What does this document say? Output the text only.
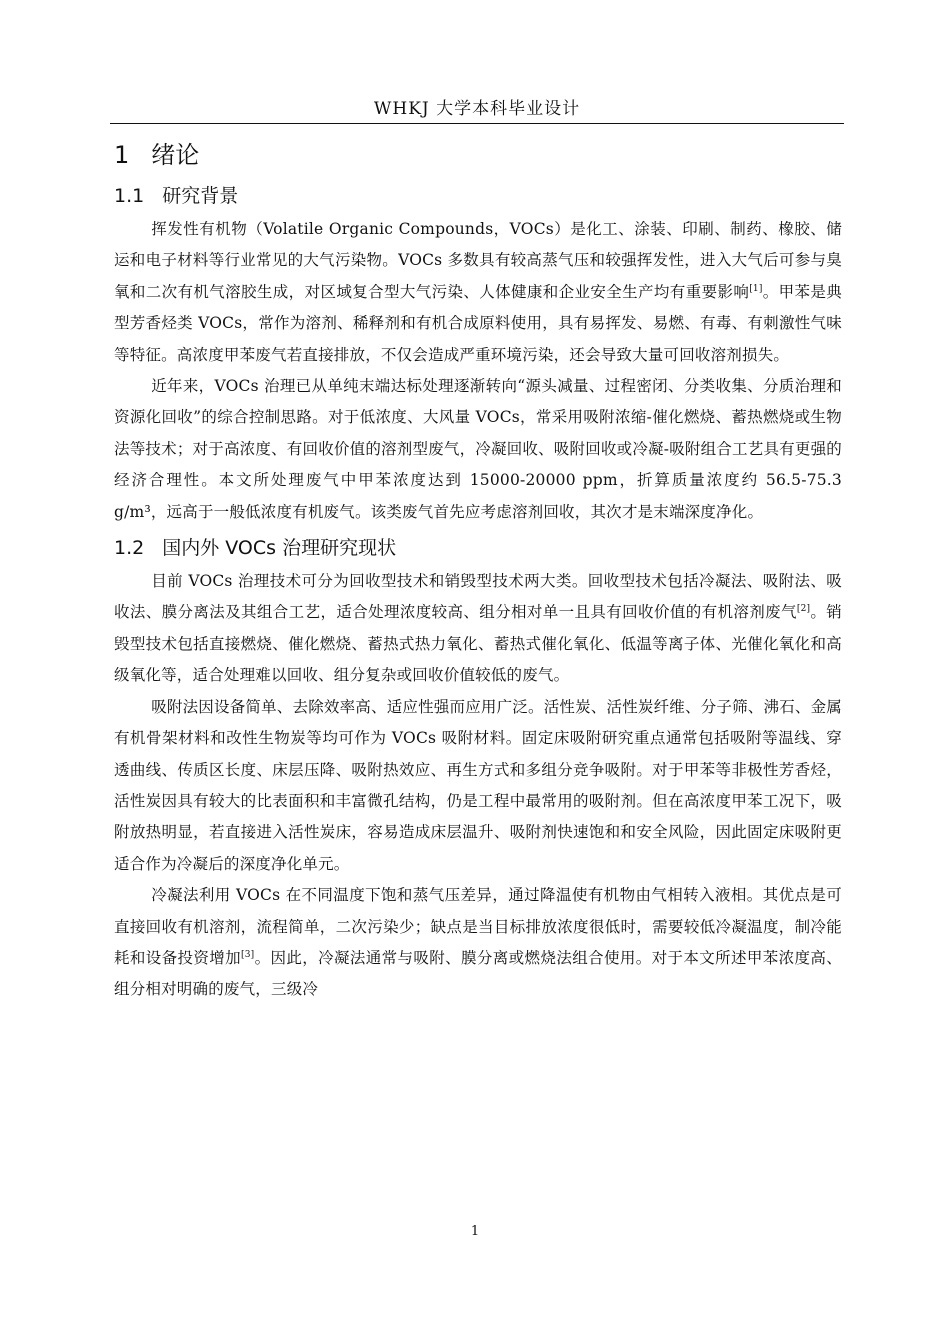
WHKJ 大学本科毕业设计
1 绪论
1.1 研究背景

挥发性有机物（Volatile Organic Compounds，VOCs）是化工、涂装、印刷、制药、橡胶、储运和电子材料等行业常见的大气污染物。VOCs 多数具有较高蒸气压和较强挥发性，进入大气后可参与臭氧和二次有机气溶胶生成，对区域复合型大气污染、人体健康和企业安全生产均有重要影响[1]。甲苯是典型芳香烃类 VOCs，常作为溶剂、稀释剂和有机合成原料使用，具有易挥发、易燃、有毒、有刺激性气味等特征。高浓度甲苯废气若直接排放，不仅会造成严重环境污染，还会导致大量可回收溶剂损失。

近年来，VOCs 治理已从单纯末端达标处理逐渐转向“源头减量、过程密闭、分类收集、分质治理和资源化回收”的综合控制思路。对于低浓度、大风量 VOCs，常采用吸附浓缩-催化燃烧、蓄热燃烧或生物法等技术；对于高浓度、有回收价值的溶剂型废气，冷凝回收、吸附回收或冷凝-吸附组合工艺具有更强的经济合理性。本文所处理废气中甲苯浓度达到 15000-20000 ppm，折算质量浓度约 56.5-75.3 g/m³，远高于一般低浓度有机废气。该类废气首先应考虑溶剂回收，其次才是末端深度净化。

1.2 国内外 VOCs 治理研究现状

目前 VOCs 治理技术可分为回收型技术和销毁型技术两大类。回收型技术包括冷凝法、吸附法、吸收法、膜分离法及其组合工艺，适合处理浓度较高、组分相对单一且具有回收价值的有机溶剂废气[2]。销毁型技术包括直接燃烧、催化燃烧、蓄热式热力氧化、蓄热式催化氧化、低温等离子体、光催化氧化和高级氧化等，适合处理难以回收、组分复杂或回收价值较低的废气。

吸附法因设备简单、去除效率高、适应性强而应用广泛。活性炭、活性炭纤维、分子筛、沸石、金属有机骨架材料和改性生物炭等均可作为 VOCs 吸附材料。固定床吸附研究重点通常包括吸附等温线、穿透曲线、传质区长度、床层压降、吸附热效应、再生方式和多组分竞争吸附。对于甲苯等非极性芳香烃，活性炭因具有较大的比表面积和丰富微孔结构，仍是工程中最常用的吸附剂。但在高浓度甲苯工况下，吸附放热明显，若直接进入活性炭床，容易造成床层温升、吸附剂快速饱和和安全风险，因此固定床吸附更适合作为冷凝后的深度净化单元。

冷凝法利用 VOCs 在不同温度下饱和蒸气压差异，通过降温使有机物由气相转入液相。其优点是可直接回收有机溶剂，流程简单，二次污染少；缺点是当目标排放浓度很低时，需要较低冷凝温度，制冷能耗和设备投资增加[3]。因此，冷凝法通常与吸附、膜分离或燃烧法组合使用。对于本文所述甲苯浓度高、组分相对明确的废气，三级冷

1
